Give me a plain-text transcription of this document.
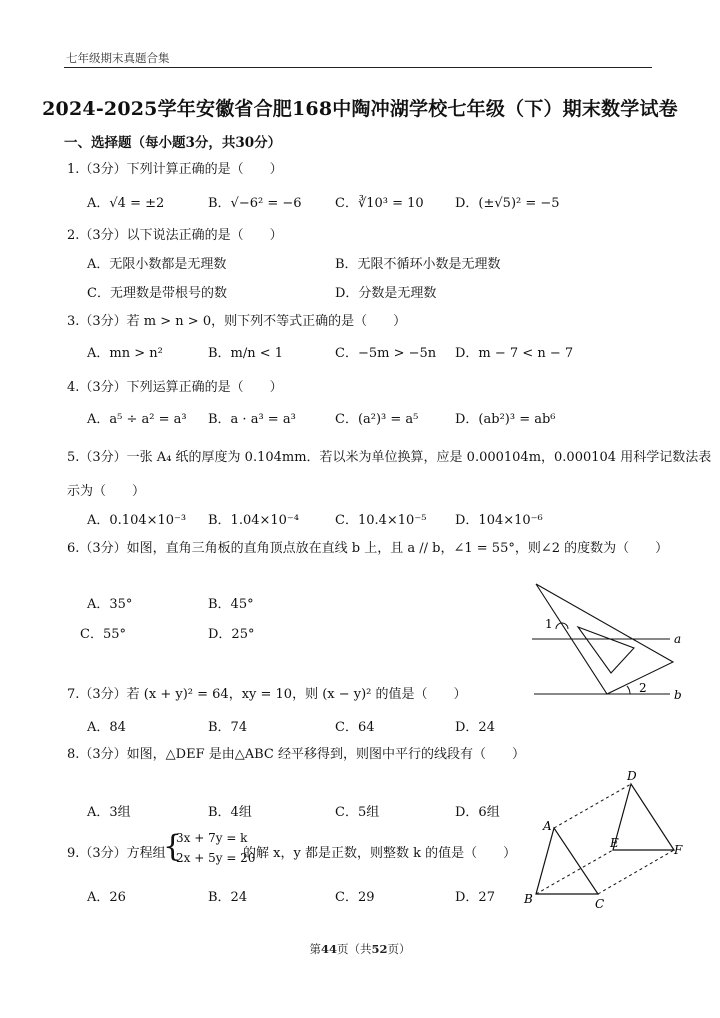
七年级期末真题合集
2024-2025学年安徽省合肥168中陶冲湖学校七年级（下）期末数学试卷
一、选择题（每小题3分，共30分）
1.（3分）下列计算正确的是（　　）
A．√4 = ±2	B．√−6² = −6	C．∛10³ = 10 D．(±√5)² = −5
2.（3分）以下说法正确的是（　　）
A．无限小数都是无理数	B．无限不循环小数是无理数
C．无理数是带根号的数	D．分数是无理数
3.（3分）若 m > n > 0，则下列不等式正确的是（　　）
A．mn > n²	B．m/n < 1	C．−5m > −5n D．m − 7 < n − 7
4.（3分）下列运算正确的是（　　）
A．a⁵ ÷ a² = a³ B．a · a³ = a³	C．(a²)³ = a⁵	D．(ab²)³ = ab⁶
5.（3分）一张 A₄ 纸的厚度为 0.104mm．若以米为单位换算，应是 0.000104m，0.000104 用科学记数法表
示为（　　）
A．0.104×10⁻³ B．1.04×10⁻⁴	C．10.4×10⁻⁵ D．104×10⁻⁶
6.（3分）如图，直角三角板的直角顶点放在直线 b 上，且 a // b，∠1 = 55°，则∠2 的度数为（　　）
A．35°	B．45°
C．55°	D．25°
1
2
a
b
7.（3分）若 (x + y)² = 64，xy = 10，则 (x − y)² 的值是（　　）
A．84	B．74	C．64	D．24
8.（3分）如图，△DEF 是由△ABC 经平移得到，则图中平行的线段有（　　）
A．3组	B．4组	C．5组	D．6组
A
B	C
D
E	F
9.（3分）方程组
{
3x + 7y = k
2x + 5y = 20
的解 x，y 都是正数，则整数 k 的值是（　　）
A．26	B．24	C．29	D．27
第44页（共52页）
